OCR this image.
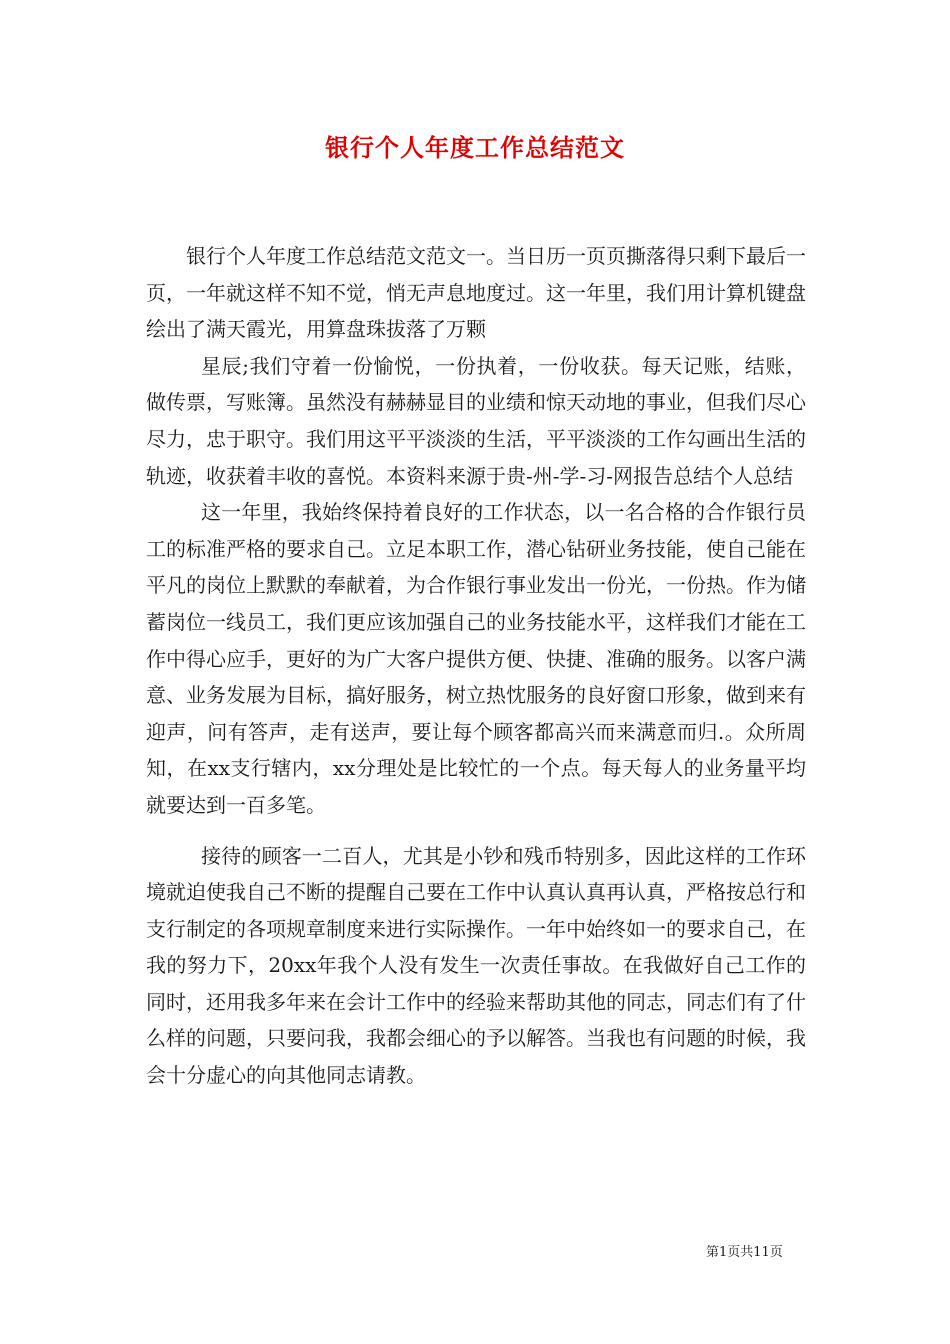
银行个人年度工作总结范文

银行个人年度工作总结范文范文一。当日历一页页撕落得只剩下最后一页，一年就这样不知不觉，悄无声息地度过。这一年里，我们用计算机键盘绘出了满天霞光，用算盘珠拔落了万颗

星辰;我们守着一份愉悦，一份执着，一份收获。每天记账，结账，做传票，写账簿。虽然没有赫赫显目的业绩和惊天动地的事业，但我们尽心尽力，忠于职守。我们用这平平淡淡的生活，平平淡淡的工作勾画出生活的轨迹，收获着丰收的喜悦。本资料来源于贵-州-学-习-网报告总结个人总结

这一年里，我始终保持着良好的工作状态，以一名合格的合作银行员工的标准严格的要求自己。立足本职工作，潜心钻研业务技能，使自己能在平凡的岗位上默默的奉献着，为合作银行事业发出一份光，一份热。作为储蓄岗位一线员工，我们更应该加强自己的业务技能水平，这样我们才能在工作中得心应手，更好的为广大客户提供方便、快捷、准确的服务。以客户满意、业务发展为目标，搞好服务，树立热忱服务的良好窗口形象，做到来有迎声，问有答声，走有送声，要让每个顾客都高兴而来满意而归.。众所周知，在xx支行辖内，xx分理处是比较忙的一个点。每天每人的业务量平均就要达到一百多笔。

接待的顾客一二百人，尤其是小钞和残币特别多，因此这样的工作环境就迫使我自己不断的提醒自己要在工作中认真认真再认真，严格按总行和支行制定的各项规章制度来进行实际操作。一年中始终如一的要求自己，在我的努力下，20xx年我个人没有发生一次责任事故。在我做好自己工作的同时，还用我多年来在会计工作中的经验来帮助其他的同志，同志们有了什么样的问题，只要问我，我都会细心的予以解答。当我也有问题的时候，我会十分虚心的向其他同志请教。

第1页共11页
